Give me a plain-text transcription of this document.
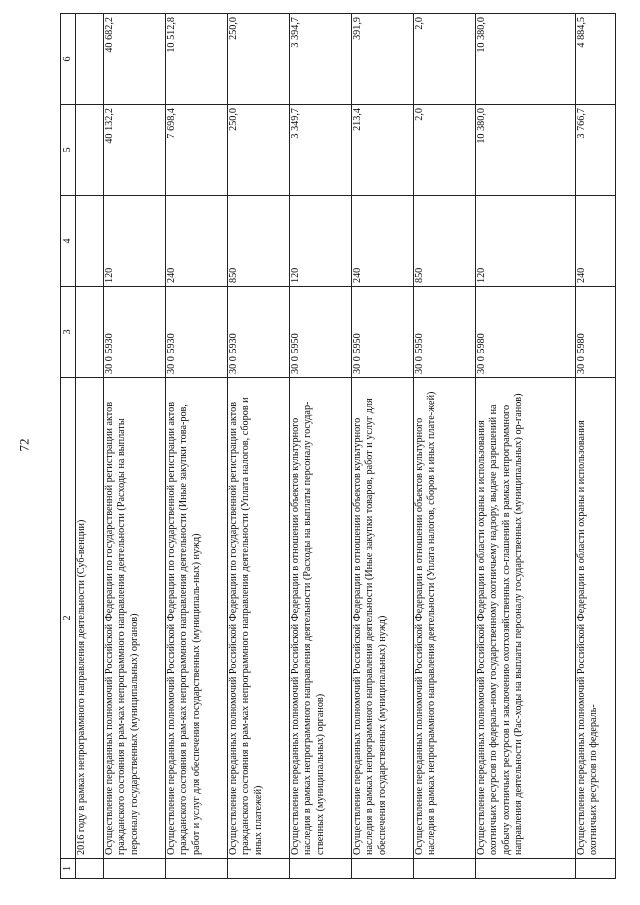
72
1	2	3	4	5	6
	2016 году в рамках непрограммного направления деятельности (Суб-венции)				
	Осуществление переданных полномочий Российской Федерации по государственной регистрации актов гражданского состояния в рам-ках непрограммного направления деятельности (Расходы на выплаты персоналу государственных (муниципальных) органов)	30 0 5930	120	40 132,2	40 682,2
	Осуществление переданных полномочий Российской Федерации по государственной регистрации актов гражданского состояния в рам-ках непрограммного направления деятельности (Иные закупки това-ров, работ и услуг для обеспечения государственных (муниципаль-ных) нужд)	30 0 5930	240	7 698,4	10 512,8
	Осуществление переданных полномочий Российской Федерации по государственной регистрации актов гражданского состояния в рам-ках непрограммного направления деятельности (Уплата налогов, сборов и иных платежей)	30 0 5930	850	250,0	250,0
	Осуществление переданных полномочий Российской Федерации в отношении объектов культурного наследия в рамках непрограммного направления деятельности (Расходы на выплаты персоналу государ-ственных (муниципальных) органов)	30 0 5950	120	3 349,7	3 394,7
	Осуществление переданных полномочий Российской Федерации в отношении объектов культурного наследия в рамках непрограммного направления деятельности (Иные закупки товаров, работ и услуг для обеспечения государственных (муниципальных) нужд)	30 0 5950	240	213,4	391,9
	Осуществление переданных полномочий Российской Федерации в отношении объектов культурного наследия в рамках непрограммного направления деятельности (Уплата налогов, сборов и иных плате-жей)	30 0 5950	850	2,0	2,0
	Осуществление переданных полномочий Российской Федерации в области охраны и использования охотничьих ресурсов по федераль-ному государственному охотничьему надзору, выдаче разрешений на добычу охотничьих ресурсов и заключению охотхозяйственных со-глашений в рамках непрограммного направления деятельности (Рас-ходы на выплаты персоналу государственных (муниципальных) ор-ганов)	30 0 5980	120	10 380,0	10 380,0
	Осуществление переданных полномочий Российской Федерации в области охраны и использования охотничьих ресурсов по федераль-	30 0 5980	240	3 766,7	4 884,5
